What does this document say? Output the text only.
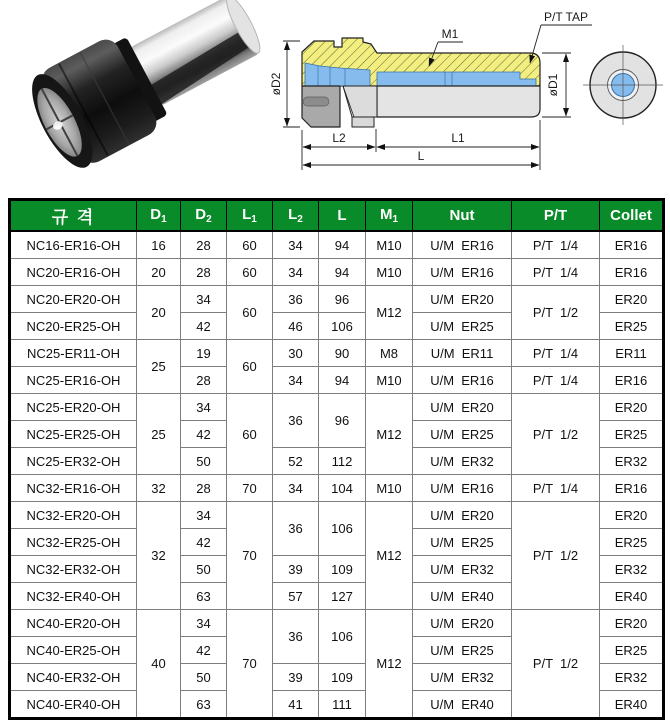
M1
P/T TAP
øD2	øD1
L2	L1
L
규 격	$D_1$	$D_2$	$L_1$	$L_2$	L	$M_1$	Nut	P/T	Collet
NC16-ER16-OH	16	28	60	34	94	M10	U/M  ER16	P/T  1/4	ER16
NC20-ER16-OH	20	28	60	34	94	M10	U/M  ER16	P/T  1/4	ER16
NC20-ER20-OH	20	34	60	36	96	M12	U/M  ER20	P/T  1/2	ER20
NC20-ER25-OH		42		46	106		U/M  ER25		ER25
NC25-ER11-OH	25	19	60	30	90	M8	U/M  ER11	P/T  1/4	ER11
NC25-ER16-OH		28		34	94	M10	U/M  ER16	P/T  1/4	ER16
NC25-ER20-OH	25	34	60	36	96	M12	U/M  ER20	P/T  1/2	ER20
NC25-ER25-OH		42					U/M  ER25		ER25
NC25-ER32-OH		50		52	112		U/M  ER32		ER32
NC32-ER16-OH	32	28	70	34	104	M10	U/M  ER16	P/T  1/4	ER16
NC32-ER20-OH	32	34	70	36	106	M12	U/M  ER20	P/T  1/2	ER20
NC32-ER25-OH		42					U/M  ER25		ER25
NC32-ER32-OH		50		39	109		U/M  ER32		ER32
NC32-ER40-OH		63		57	127		U/M  ER40		ER40
NC40-ER20-OH	40	34	70	36	106	M12	U/M  ER20	P/T  1/2	ER20
NC40-ER25-OH		42					U/M  ER25		ER25
NC40-ER32-OH		50		39	109		U/M  ER32		ER32
NC40-ER40-OH		63		41	111		U/M  ER40		ER40
